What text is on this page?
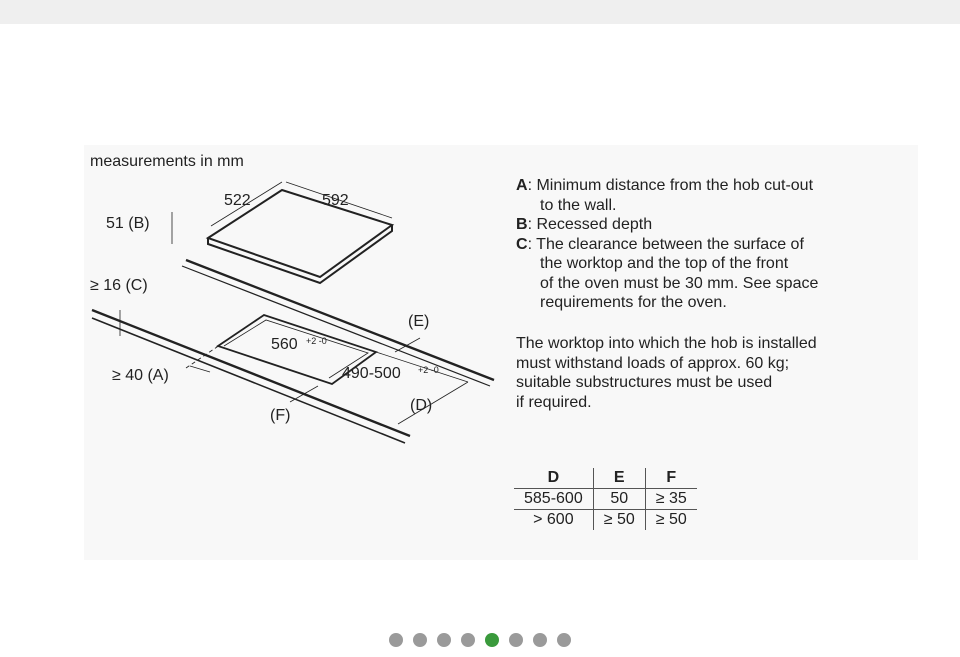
measurements in mm
522	592
51 (B)
≥ 16 (C)
≥ 40 (A)
(E)
(D)
(F)
560 +2 -0
490-500 +2 -0
A : Minimum distance from the hob cut-out
to the wall.
B : Recessed depth
C : The clearance between the surface of
the worktop and the top of the front
of the oven must be 30 mm. See space
requirements for the oven.
The worktop into which the hob is installed
must withstand loads of approx. 60 kg;
suitable substructures must be used
if required.
D	E	F
585-600	50	≥ 35
> 600	≥ 50	≥ 50
